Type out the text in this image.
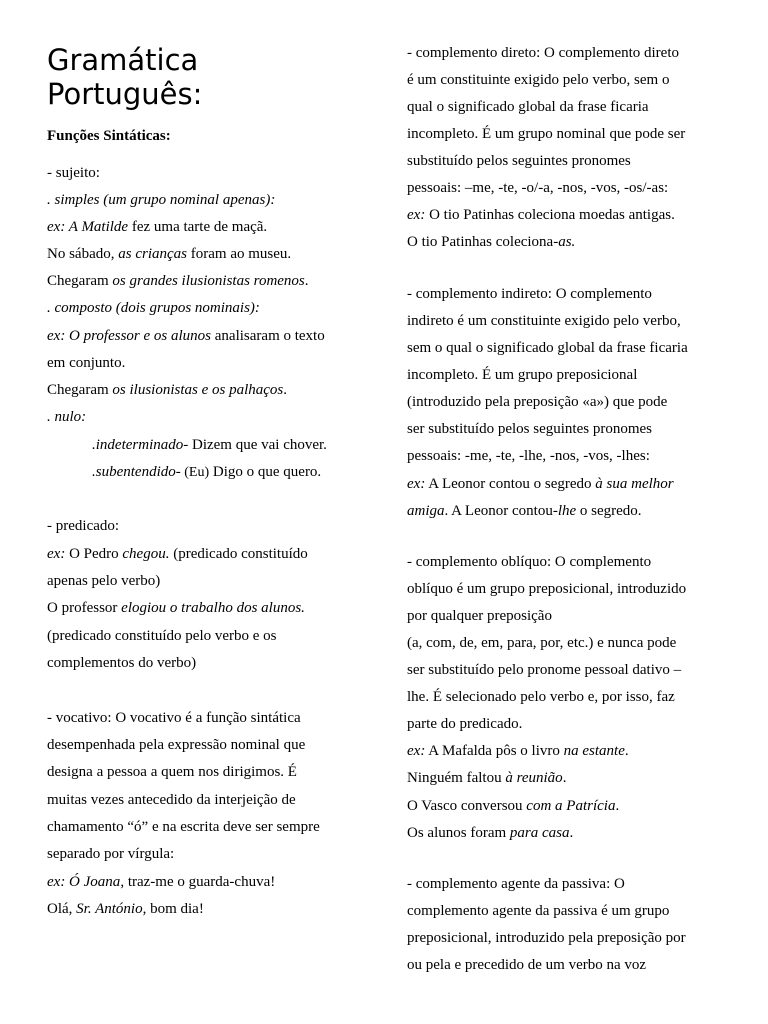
Gramática Português:
Funções Sintáticas:
- sujeito:
. simples (um grupo nominal apenas):
ex: A Matilde fez uma tarte de maçã.
No sábado, as crianças foram ao museu.
Chegaram os grandes ilusionistas romenos.
. composto (dois grupos nominais):
ex: O professor e os alunos analisaram o texto
em conjunto.
Chegaram os ilusionistas e os palhaços.
. nulo:
.indeterminado- Dizem que vai chover.
.subentendido- (Eu) Digo o que quero.
- predicado:
ex: O Pedro chegou. (predicado constituído
apenas pelo verbo)
O professor elogiou o trabalho dos alunos.
(predicado constituído pelo verbo e os
complementos do verbo)
- vocativo: O vocativo é a função sintática
desempenhada pela expressão nominal que
designa a pessoa a quem nos dirigimos. É
muitas vezes antecedido da interjeição de
chamamento “ó” e na escrita deve ser sempre
separado por vírgula:
ex: Ó Joana, traz-me o guarda-chuva!
Olá, Sr. António, bom dia!
- complemento direto: O complemento direto
é um constituinte exigido pelo verbo, sem o
qual o significado global da frase ficaria
incompleto. É um grupo nominal que pode ser
substituído pelos seguintes pronomes
pessoais: –me, -te, -o/-a, -nos, -vos, -os/-as:
ex: O tio Patinhas coleciona moedas antigas.
O tio Patinhas coleciona-as.
- complemento indireto: O complemento
indireto é um constituinte exigido pelo verbo,
sem o qual o significado global da frase ficaria
incompleto. É um grupo preposicional
(introduzido pela preposição «a») que pode
ser substituído pelos seguintes pronomes
pessoais: -me, -te, -lhe, -nos, -vos, -lhes:
ex: A Leonor contou o segredo à sua melhor
amiga. A Leonor contou-lhe o segredo.
- complemento oblíquo: O complemento
oblíquo é um grupo preposicional, introduzido
por qualquer preposição
(a, com, de, em, para, por, etc.) e nunca pode
ser substituído pelo pronome pessoal dativo –
lhe. É selecionado pelo verbo e, por isso, faz
parte do predicado.
ex: A Mafalda pôs o livro na estante.
Ninguém faltou à reunião.
O Vasco conversou com a Patrícia.
Os alunos foram para casa.
- complemento agente da passiva: O
complemento agente da passiva é um grupo
preposicional, introduzido pela preposição por
ou pela e precedido de um verbo na voz
